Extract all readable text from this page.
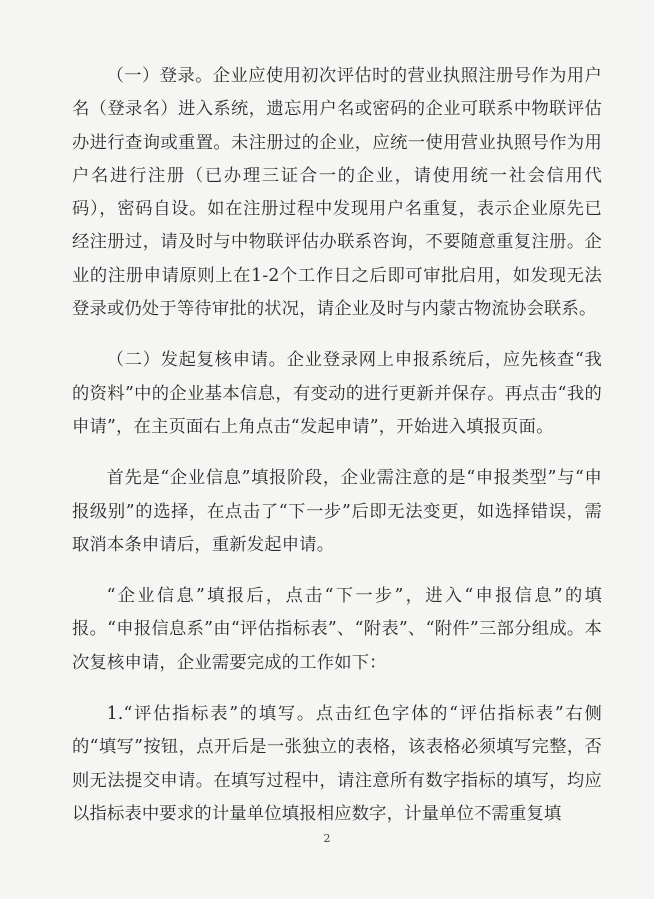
（一）登录。企业应使用初次评估时的营业执照注册号作为用户名（登录名）进入系统，遗忘用户名或密码的企业可联系中物联评估办进行查询或重置。未注册过的企业，应统一使用营业执照号作为用户名进行注册（已办理三证合一的企业，请使用统一社会信用代码），密码自设。如在注册过程中发现用户名重复，表示企业原先已经注册过，请及时与中物联评估办联系咨询，不要随意重复注册。企业的注册申请原则上在1-2个工作日之后即可审批启用，如发现无法登录或仍处于等待审批的状况，请企业及时与内蒙古物流协会联系。

（二）发起复核申请。企业登录网上申报系统后，应先核查“我的资料”中的企业基本信息，有变动的进行更新并保存。再点击“我的申请”，在主页面右上角点击“发起申请”，开始进入填报页面。

首先是“企业信息”填报阶段，企业需注意的是“申报类型”与“申报级别”的选择，在点击了“下一步”后即无法变更，如选择错误，需取消本条申请后，重新发起申请。

“企业信息”填报后，点击“下一步”，进入“申报信息”的填报。“申报信息系”由“评估指标表”、“附表”、“附件”三部分组成。本次复核申请，企业需要完成的工作如下：

1.“评估指标表”的填写。点击红色字体的“评估指标表”右侧的“填写”按钮，点开后是一张独立的表格，该表格必须填写完整，否则无法提交申请。在填写过程中，请注意所有数字指标的填写，均应以指标表中要求的计量单位填报相应数字，计量单位不需重复填

2
